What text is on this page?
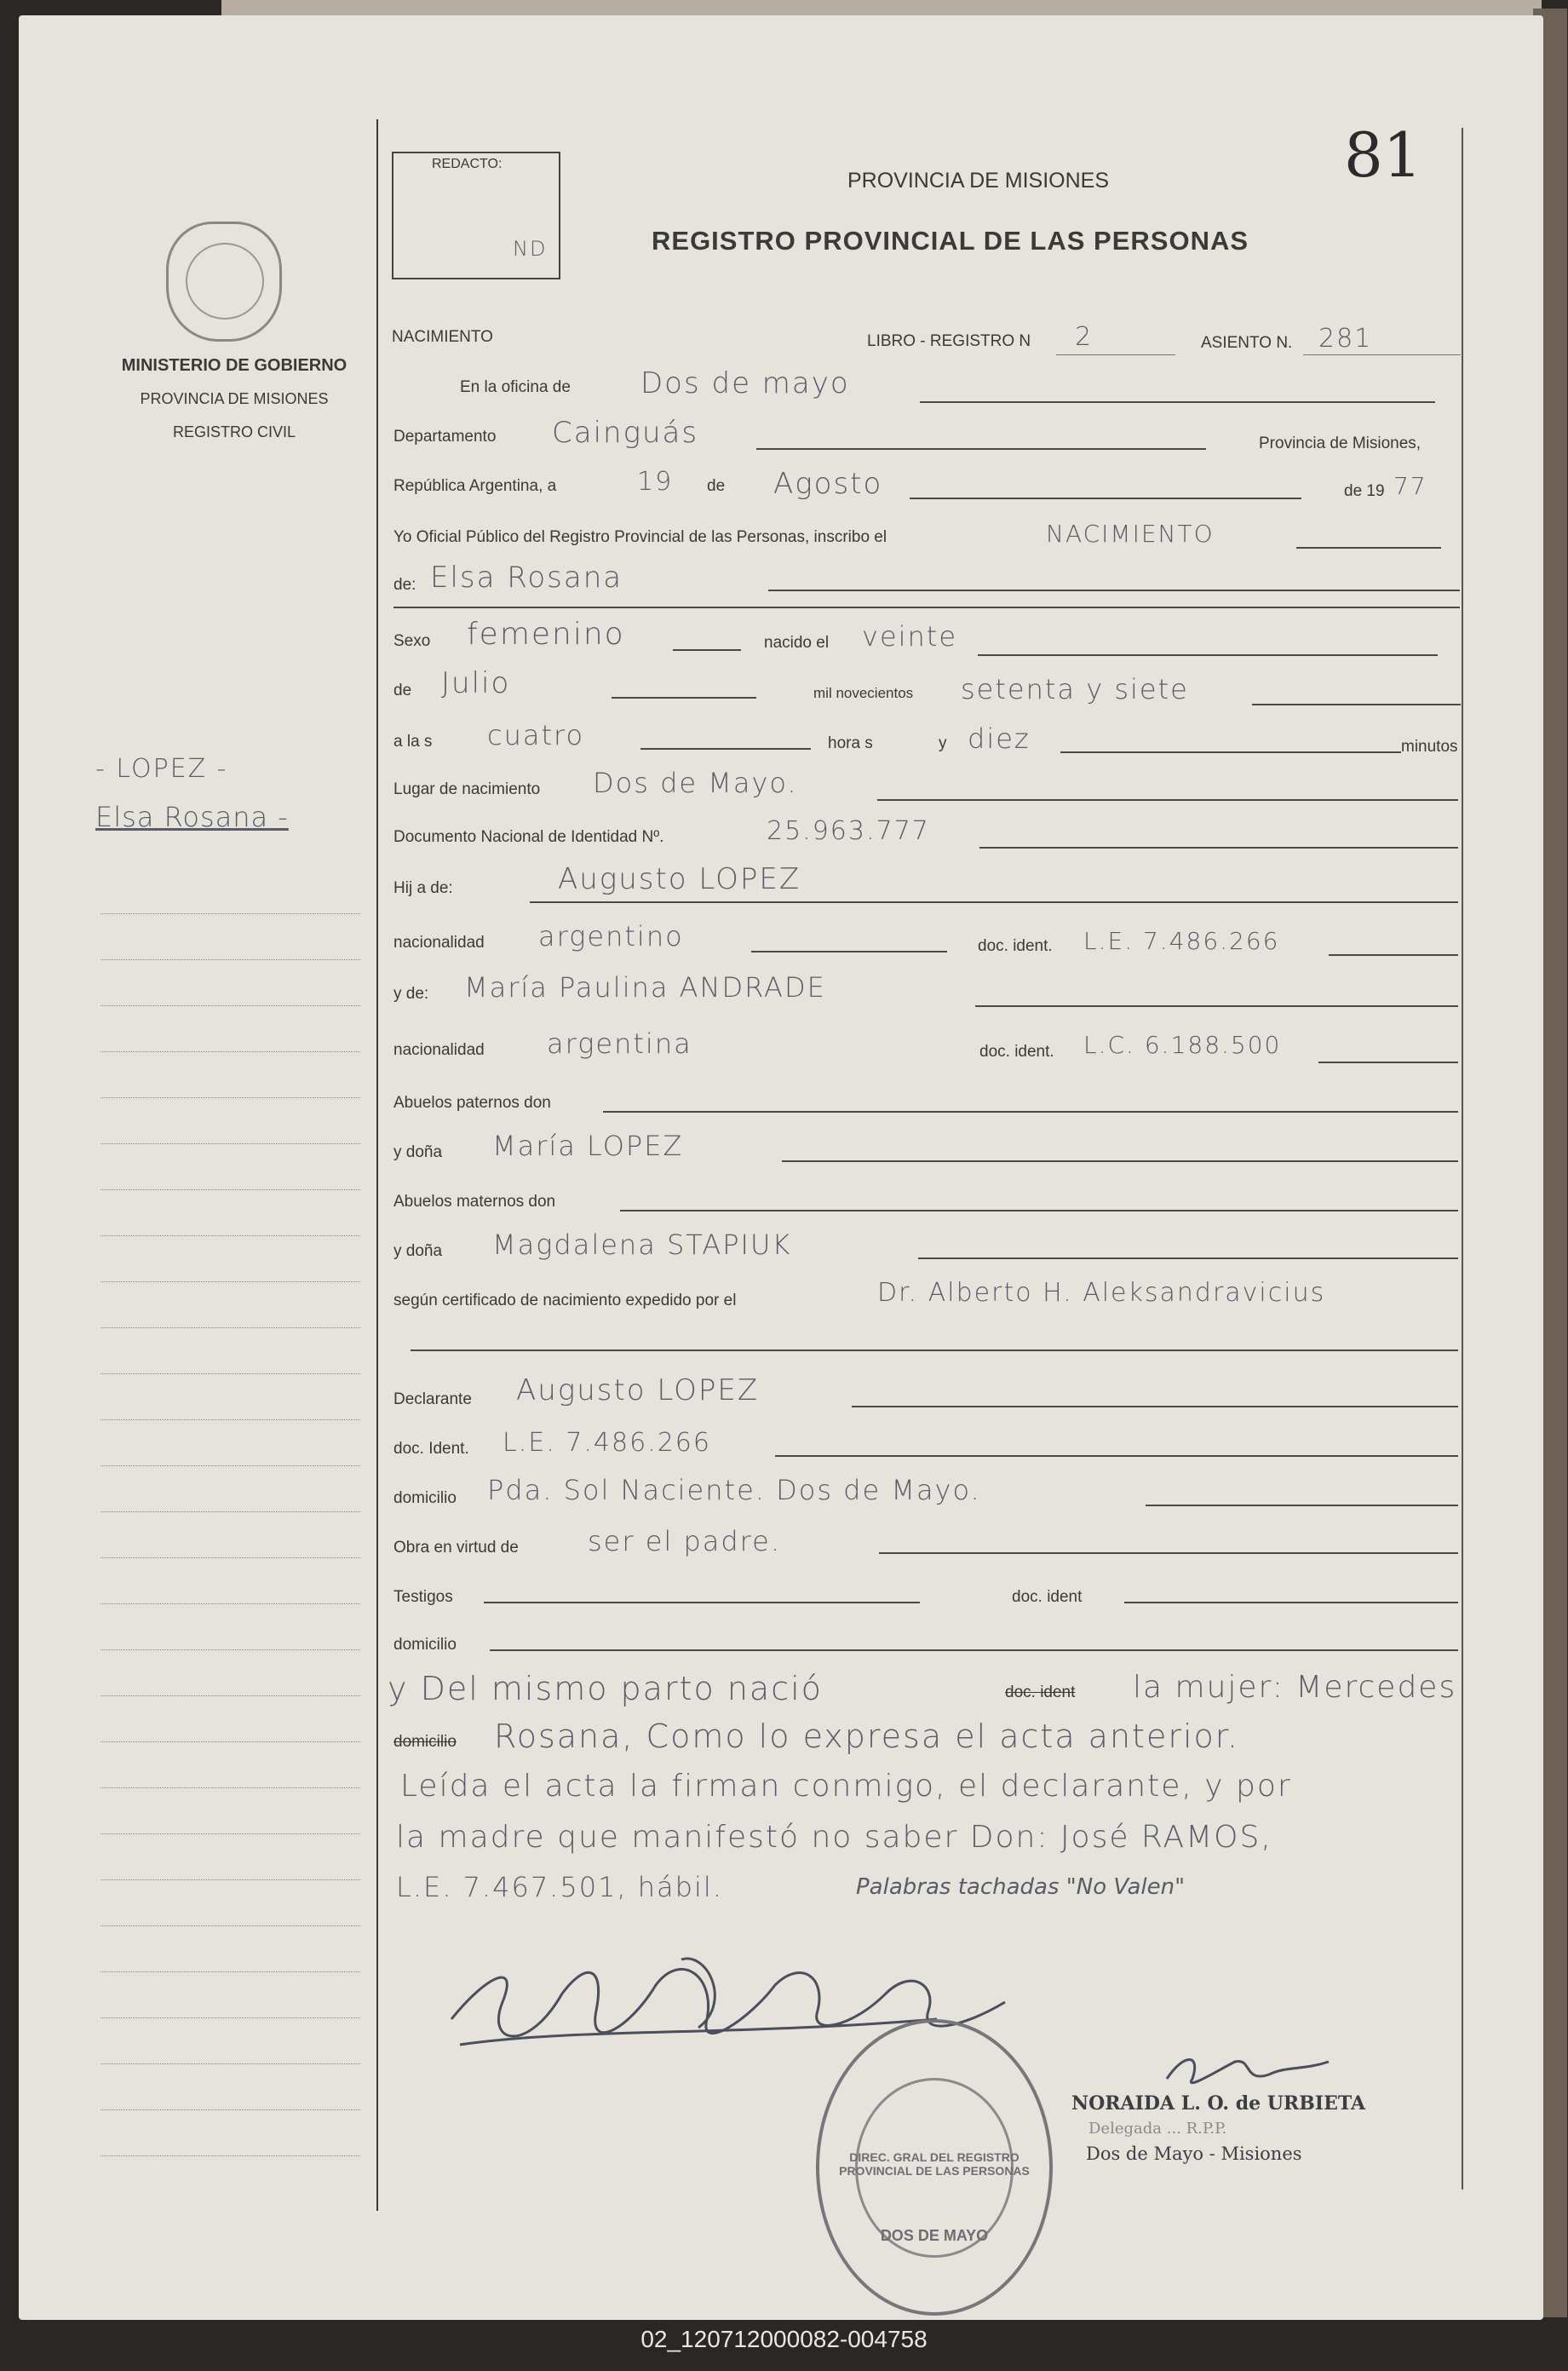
MINISTERIO DE GOBIERNO
PROVINCIA DE MISIONES
REGISTRO CIVIL
- LOPEZ -
Elsa Rosana -
REDACTO:
ND
PROVINCIA DE MISIONES
REGISTRO PROVINCIAL DE LAS PERSONAS
81
NACIMIENTO	LIBRO - REGISTRO N 2	ASIENTO N. 281
En la oficina de Dos de mayo
Departamento Cainguás	Provincia de Misiones,
República Argentina, a	19 de Agosto	de 19 77
Yo Oficial Público del Registro Provincial de las Personas, inscribo el	NACIMIENTO
de: Elsa Rosana
Sexo femenino	nacido el veinte
de Julio	mil novecientos setenta y siete
a la s cuatro	hora s	y diez	minutos
Lugar de nacimiento Dos de Mayo.
Documento Nacional de Identidad Nº.	25.963.777
Hij a de:	Augusto LOPEZ
nacionalidad argentino	doc. ident. L.E. 7.486.266
y de: María Paulina ANDRADE
nacionalidad argentina	doc. ident. L.C. 6.188.500
Abuelos paternos don
y doña María LOPEZ
Abuelos maternos don
y doña Magdalena STAPIUK
según certificado de nacimiento expedido por el	Dr. Alberto H. Aleksandravicius
Declarante Augusto LOPEZ
doc. Ident. L.E. 7.486.266
domicilio Pda. Sol Naciente. Dos de Mayo.
Obra en virtud de	ser el padre.
Testigos	doc. ident
domicilio
y Del mismo parto nació	doc. ident la mujer: Mercedes
domicilio Rosana, Como lo expresa el acta anterior.
Leída el acta la firman conmigo, el declarante, y por
la madre que manifestó no saber Don: José RAMOS,
L.E. 7.467.501, hábil.	Palabras tachadas "No Valen"
DIREC. GRAL DEL REGISTRO PROVINCIAL DE LAS PERSONAS
DOS DE MAYO
NORAIDA L. O. de URBIETA
Delegada ... R.P.P.
Dos de Mayo - Misiones
02_120712000082-004758
